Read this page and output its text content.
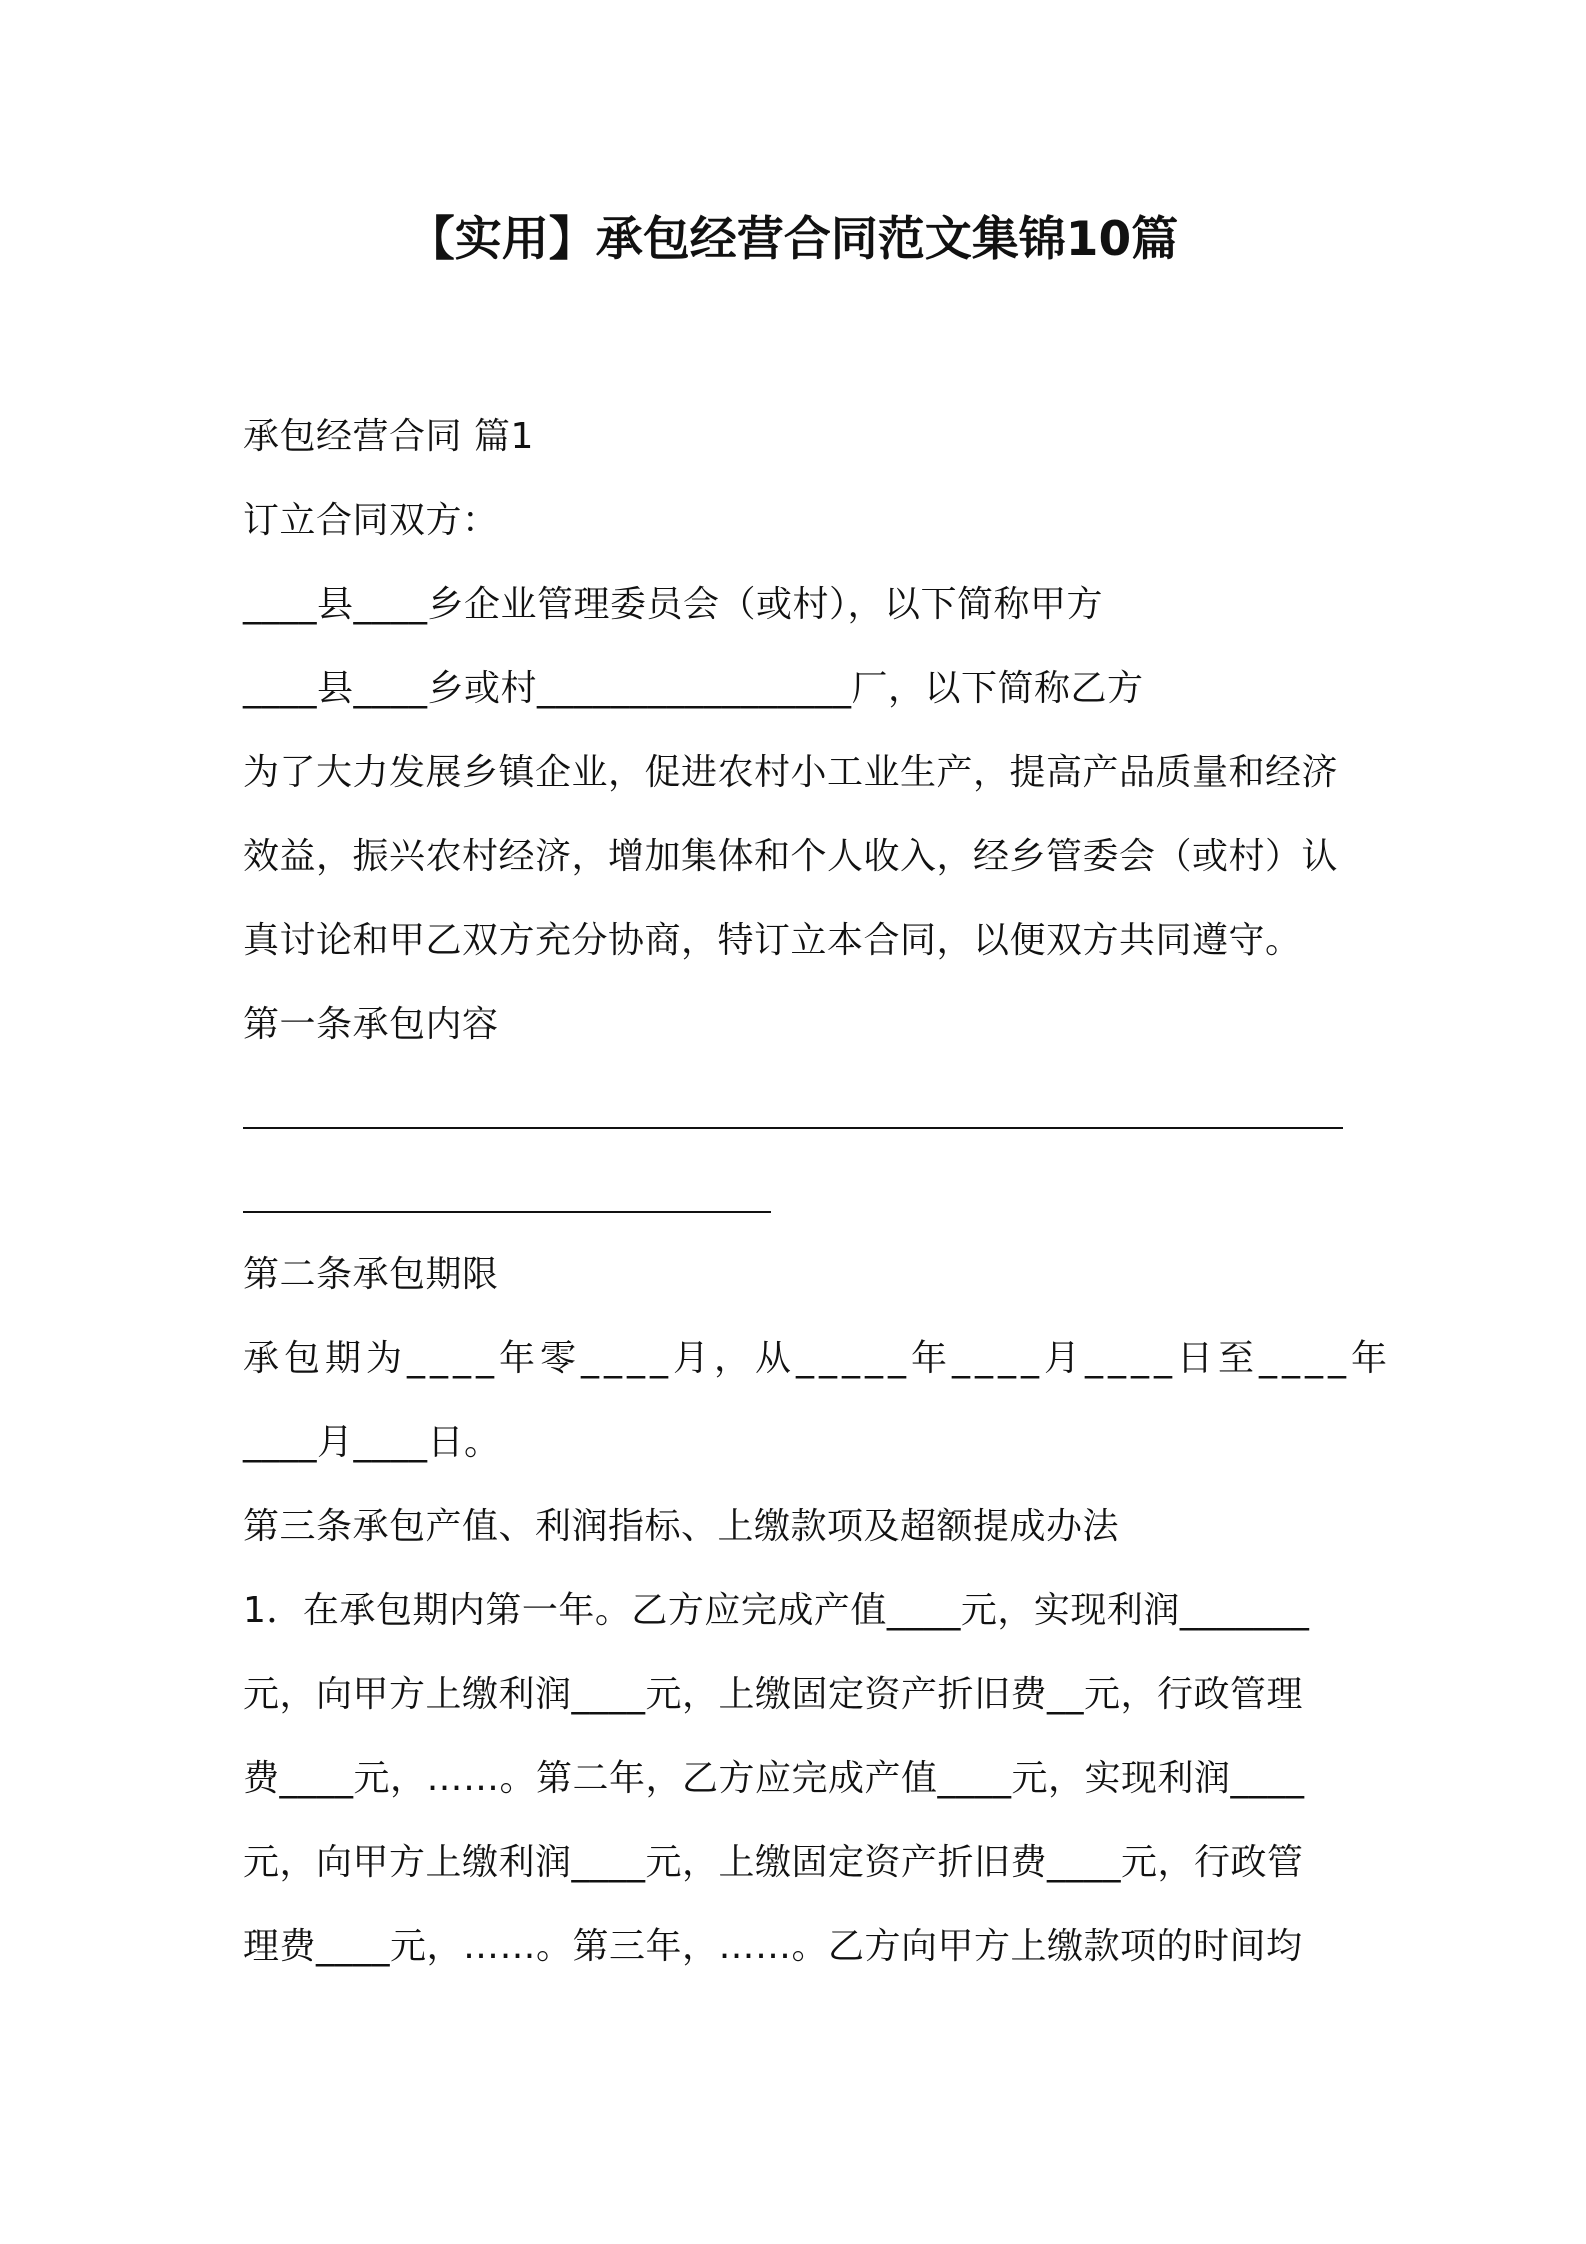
【实用】承包经营合同范文集锦10篇
承包经营合同 篇1
订立合同双方：
____县____乡企业管理委员会（或村），以下简称甲方
____县____乡或村_________________厂，以下简称乙方
为了大力发展乡镇企业，促进农村小工业生产，提高产品质量和经济
效益，振兴农村经济，增加集体和个人收入，经乡管委会（或村）认
真讨论和甲乙双方充分协商，特订立本合同，以便双方共同遵守。
第一条承包内容
第二条承包期限
承包期为____年零____月，从_____年____月____日至____年
____月____日。
第三条承包产值、利润指标、上缴款项及超额提成办法
1．在承包期内第一年。乙方应完成产值____元，实现利润_______
元，向甲方上缴利润____元，上缴固定资产折旧费__元，行政管理
费____元，……。第二年，乙方应完成产值____元，实现利润____
元，向甲方上缴利润____元，上缴固定资产折旧费____元，行政管
理费____元，……。第三年，……。乙方向甲方上缴款项的时间均
